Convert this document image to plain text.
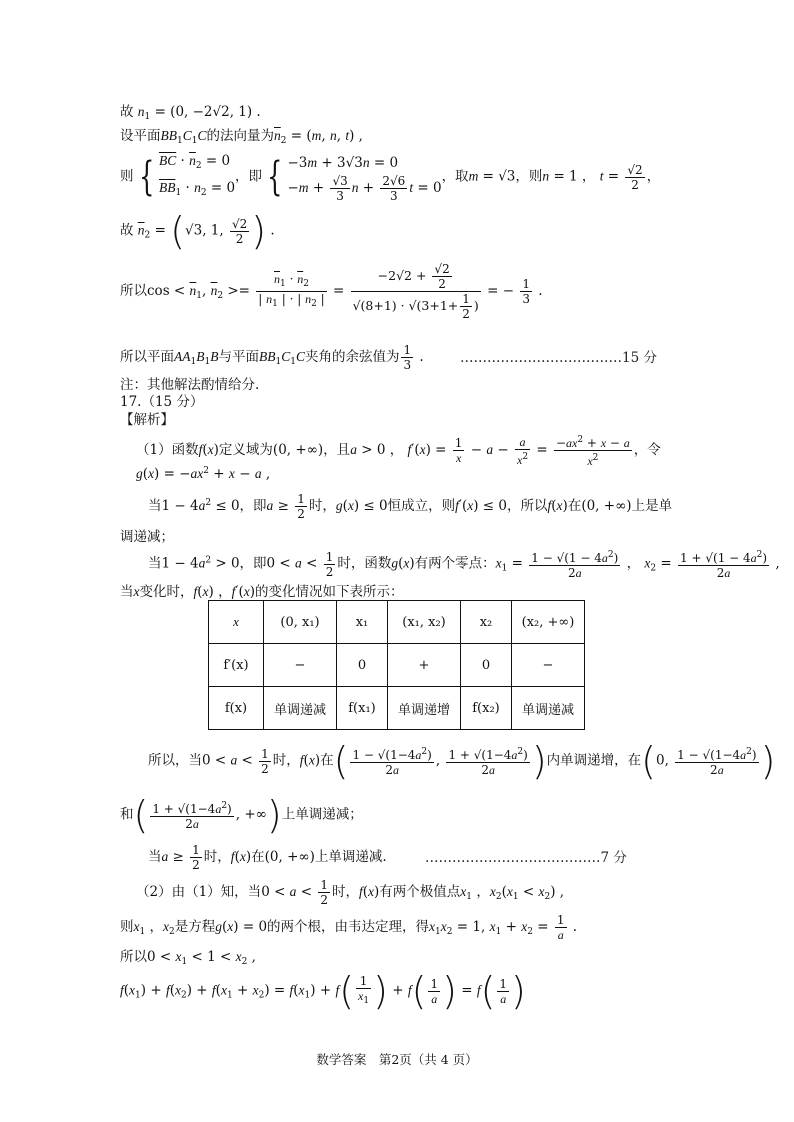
故 $n_1 = (0$, −2√2, 1) .
设平面$BB_1C_1C$的法向量为$\overline{n}_2 = (m$, n, t) ,
则 { $\overline{BC} \cdot \overline{n}_2 = 0$
$\overline{BB}_1 \cdot n_2 = 0$
，即 { −3m + 3√3n = 0
$-m + \frac{√3}{3}$ $n + \frac{2√6}{3}$ t = 0
，取m = √3，则n = 1 ， $t = \frac{√2}{2}$ ，
故 $\overline{n}_2 = (√3$, 1, $\frac{√2}{2}$ ) .
所以$\cos < \overline{n}_1$, $\overline{n}_2 >= \frac{\overline{n}_1 \cdot \overline{n}_2}{| \overline{n}_1 | \cdot | \overline{n}_2 |} = \frac{-2√2 + \frac{√2}{2}}{√(8+1) \cdot √(3+1+ \frac{1}{2} )}$ = − $\frac{1}{3}$ .
所以平面$AA_1B_1B$与平面$BB_1C_1C$夹角的余弦值为 $\frac{1}{3}$ .	………………………………15 分
注：其他解法酌情给分.
17.（15 分）
【解析】
（1）函数f(x)定义域为(0, +∞)，且a > 0 ， $f'(x) = \frac{1}{x} - a - \frac{a}{x^2} = \frac{-ax^2 + x - a}{x^2}$ ，令
$g(x) = -ax^2 + x - a$ ,
当$1 - 4a^2 \le 0$，即$a \ge \frac{1}{2}$ 时，g(x) ≤ 0恒成立，则f′(x) ≤ 0，所以f(x)在(0, +∞)上是单
调递减；
当$1 - 4a^2 > 0$，即$0 < a < \frac{1}{2}$ 时，函数g(x)有两个零点：$x_1 = \frac{1 - √(1 - 4a^2)}{2a}$ ， $x_2 = \frac{1 + √(1 - 4a^2)}{2a}$ ,
当x变化时，f(x) ，f′(x)的变化情况如下表所示：
x	(0, x₁)	x₁	(x₁, x₂)	x₂	(x₂, +∞)
f′(x)	−	0	+	0	−
f(x)	单调递减	f(x₁)	单调递增	f(x₂)	单调递减
所以，当$0 < a < \frac{1}{2}$ 时，f(x)在( $\frac{1 - √(1-4a^2)}{2a}$ , $\frac{1 + √(1-4a^2)}{2a}$ )内单调递增，在(0, $\frac{1 - √(1-4a^2)}{2a}$ )
和( $\frac{1 + √(1-4a^2)}{2a}$ , +∞)上单调递减；
当$a \ge \frac{1}{2}$ 时，f(x)在(0, +∞)上单调递减.	…………………………………7 分
（2）由（1）知，当$0 < a < \frac{1}{2}$ 时，f(x)有两个极值点$x_1$ ，$x_2(x_1 < x_2)$ ,
则$x_1$ ，$x_2$是方程g(x) = 0的两个根，由韦达定理，得$x_1x_2 = 1$, $x_1 + x_2 = \frac{1}{a}$ .
所以$0 < x_1 < 1 < x_2$ ,
$f(x_1) + f(x_2) + f(x_1 + x_2) = f(x_1) + f( \frac{1}{x_1}$ ) + $f( \frac{1}{a}$ ) = $f( \frac{1}{a}$ )
数学答案　第2页（共 4 页）
